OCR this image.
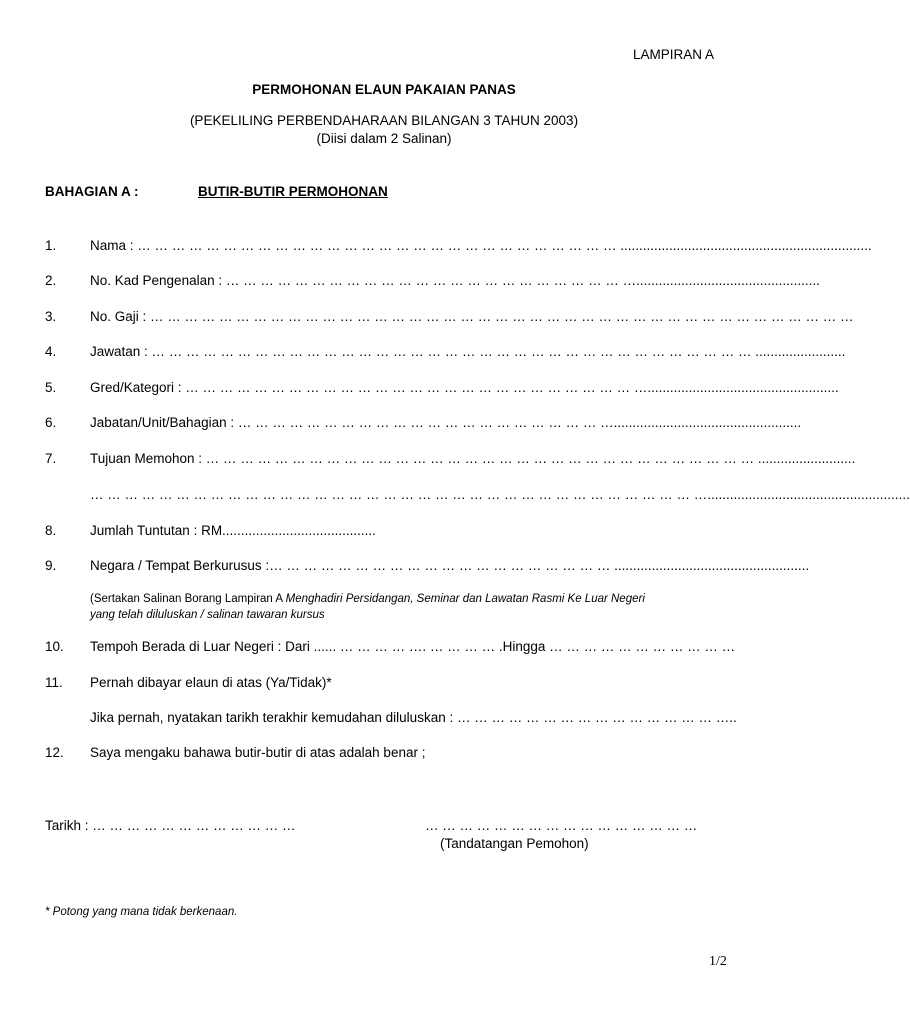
LAMPIRAN A
PERMOHONAN ELAUN PAKAIAN PANAS
(PEKELILING PERBENDAHARAAN BILANGAN 3 TAHUN 2003)
(Diisi dalam 2 Salinan)
BAHAGIAN A :	BUTIR-BUTIR PERMOHONAN
1. Nama : … … … … … … … … … … … … … … … … … … … … … … … … … … … … ...................................................................
2. No. Kad Pengenalan : … … … … … … … … … … … … … … … … … … … … … … … ….................................................
3. No. Gaji : … … … … … … … … … … … … … … … … … … … … … … … … … … … … … … … … … … … … … … … … …
4. Jawatan : … … … … … … … … … … … … … … … … … … … … … … … … … … … … … … … … … … … ........................
5. Gred/Kategori : … … … … … … … … … … … … … … … … … … … … … … … … … … …...................................................
6. Jabatan/Unit/Bahagian : … … … … … … … … … … … … … … … … … … … … … …..................................................
7. Tujuan Memohon : … … … … … … … … … … … … … … … … … … … … … … … … … … … … … … … … ..........................
… … … … … … … … … … … … … … … … … … … … … … … … … … … … … … … … … … … …......................................................
8. Jumlah Tuntutan : RM.........................................
9. Negara / Tempat Berkurusus :… … … … … … … … … … … … … … … … … … … … ....................................................
(Sertakan Salinan Borang Lampiran A Menghadiri Persidangan, Seminar dan Lawatan Rasmi Ke Luar Negeri
yang telah diluluskan / salinan tawaran kursus
10. Tempoh Berada di Luar Negeri : Dari ...... … … … … …. … … … … .Hingga … … … … … … … … … … …
11. Pernah dibayar elaun di atas (Ya/Tidak)*
Jika pernah, nyatakan tarikh terakhir kemudahan diluluskan : … … … … … … … … … … … … … … … …..
12. Saya mengaku bahawa butir-butir di atas adalah benar ;
Tarikh : … … … … … … … … … … … …	… … … … … … … … … … … … … … … …
(Tandatangan Pemohon)
* Potong yang mana tidak berkenaan.
1/2
